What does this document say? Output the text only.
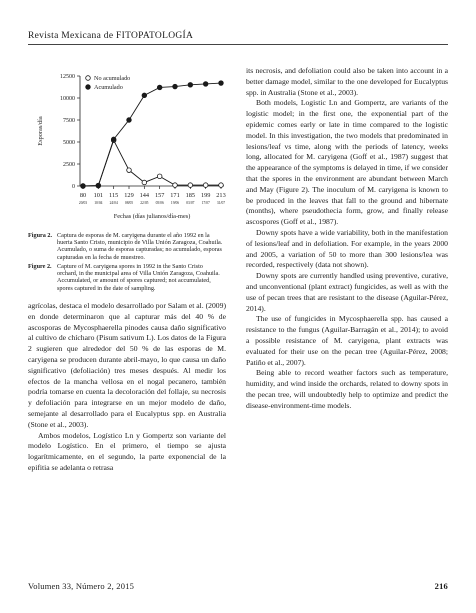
Revista Mexicana de FITOPATOLOGÍA
0
2500
5000
7500
10000
12500
80
20/03
101
10/04
115
24/04
129
08/05
144
22/05
157
05/06
171
19/06
185
03/07
199
17/07
213
31/07
Fechas (días julianos/día-mes)
Esporas/día
No acumulado
Acumulado
Figura 2. Captura de esporas de M. caryigena durante el año 1992 en la huerta Santo Cristo, municipio de Villa Unión Zaragoza, Coahuila. Acumulado, o suma de esporas capturadas; no acumulado, esporas capturadas en la fecha de muestreo.
Figure 2. Capture of M. caryigena spores in 1992 in the Santo Cristo orchard, in the municipal area of Villa Unión Zaragoza, Coahuila. Accumulated, or amount of spores captured; not accumulated, spores captured in the date of sampling.

agrícolas, destaca el modelo desarrollado por Salam et al. (2009) en donde determinaron que al capturar más del 40 % de ascosporas de Mycosphaerella pinodes causa daño significativo al cultivo de chícharo (Pisum sativum L). Los datos de la Figura 2 sugieren que alrededor del 50 % de las esporas de M. caryigena se producen durante abril-mayo, lo que causa un daño significativo (defoliación) tres meses después. Al medir los efectos de la mancha vellosa en el nogal pecanero, también podría tomarse en cuenta la decoloración del follaje, su necrosis y defoliación para integrarse en un mejor modelo de daño, semejante al desarrollado para el Eucalyptus spp. en Australia (Stone et al., 2003).

Ambos modelos, Logístico Ln y Gompertz son variante del modelo Logístico. En el primero, el tiempo se ajusta logarítmicamente, en el segundo, la parte exponencial de la epifitia se adelanta o retrasa

its necrosis, and defoliation could also be taken into account in a better damage model, similar to the one developed for Eucalyptus spp. in Australia (Stone et al., 2003).

Both models, Logistic Ln and Gompertz, are variants of the logistic model; in the first one, the exponential part of the epidemic comes early or late in time compared to the logistic model. In this investigation, the two models that predominated in lesions/leaf vs time, along with the periods of latency, weeks long, allocated for M. caryigena (Goff et al., 1987) suggest that the appearance of the symptoms is delayed in time, if we consider that the spores in the environment are abundant between March and May (Figure 2). The inoculum of M. caryigena is known to be produced in the leaves that fall to the ground and hibernate (months), where pseudothecia form, grow, and finally release ascospores (Goff et al., 1987).

Downy spots have a wide variability, both in the manifestation of lesions/leaf and in defoliation. For example, in the years 2000 and 2005, a variation of 50 to more than 300 lesions/lea was recorded, respectively (data not shown).

Downy spots are currently handled using preventive, curative, and unconventional (plant extract) fungicides, as well as with the use of pecan trees that are resistant to the disease (Aguilar-Pérez, 2014).

The use of fungicides in Mycosphaerella spp. has caused a resistance to the fungus (Aguilar-Barragán et al., 2014); to avoid a possible resistance of M. caryigena, plant extracts was evaluated for their use on the pecan tree (Aguilar-Pérez, 2008; Patiño et al., 2007).

Being able to record weather factors such as temperature, humidity, and wind inside the orchards, related to downy spots in the pecan tree, will undoubtedly help to optimize and predict the disease-environment-time models.

Volumen 33, Número 2, 2015	216
